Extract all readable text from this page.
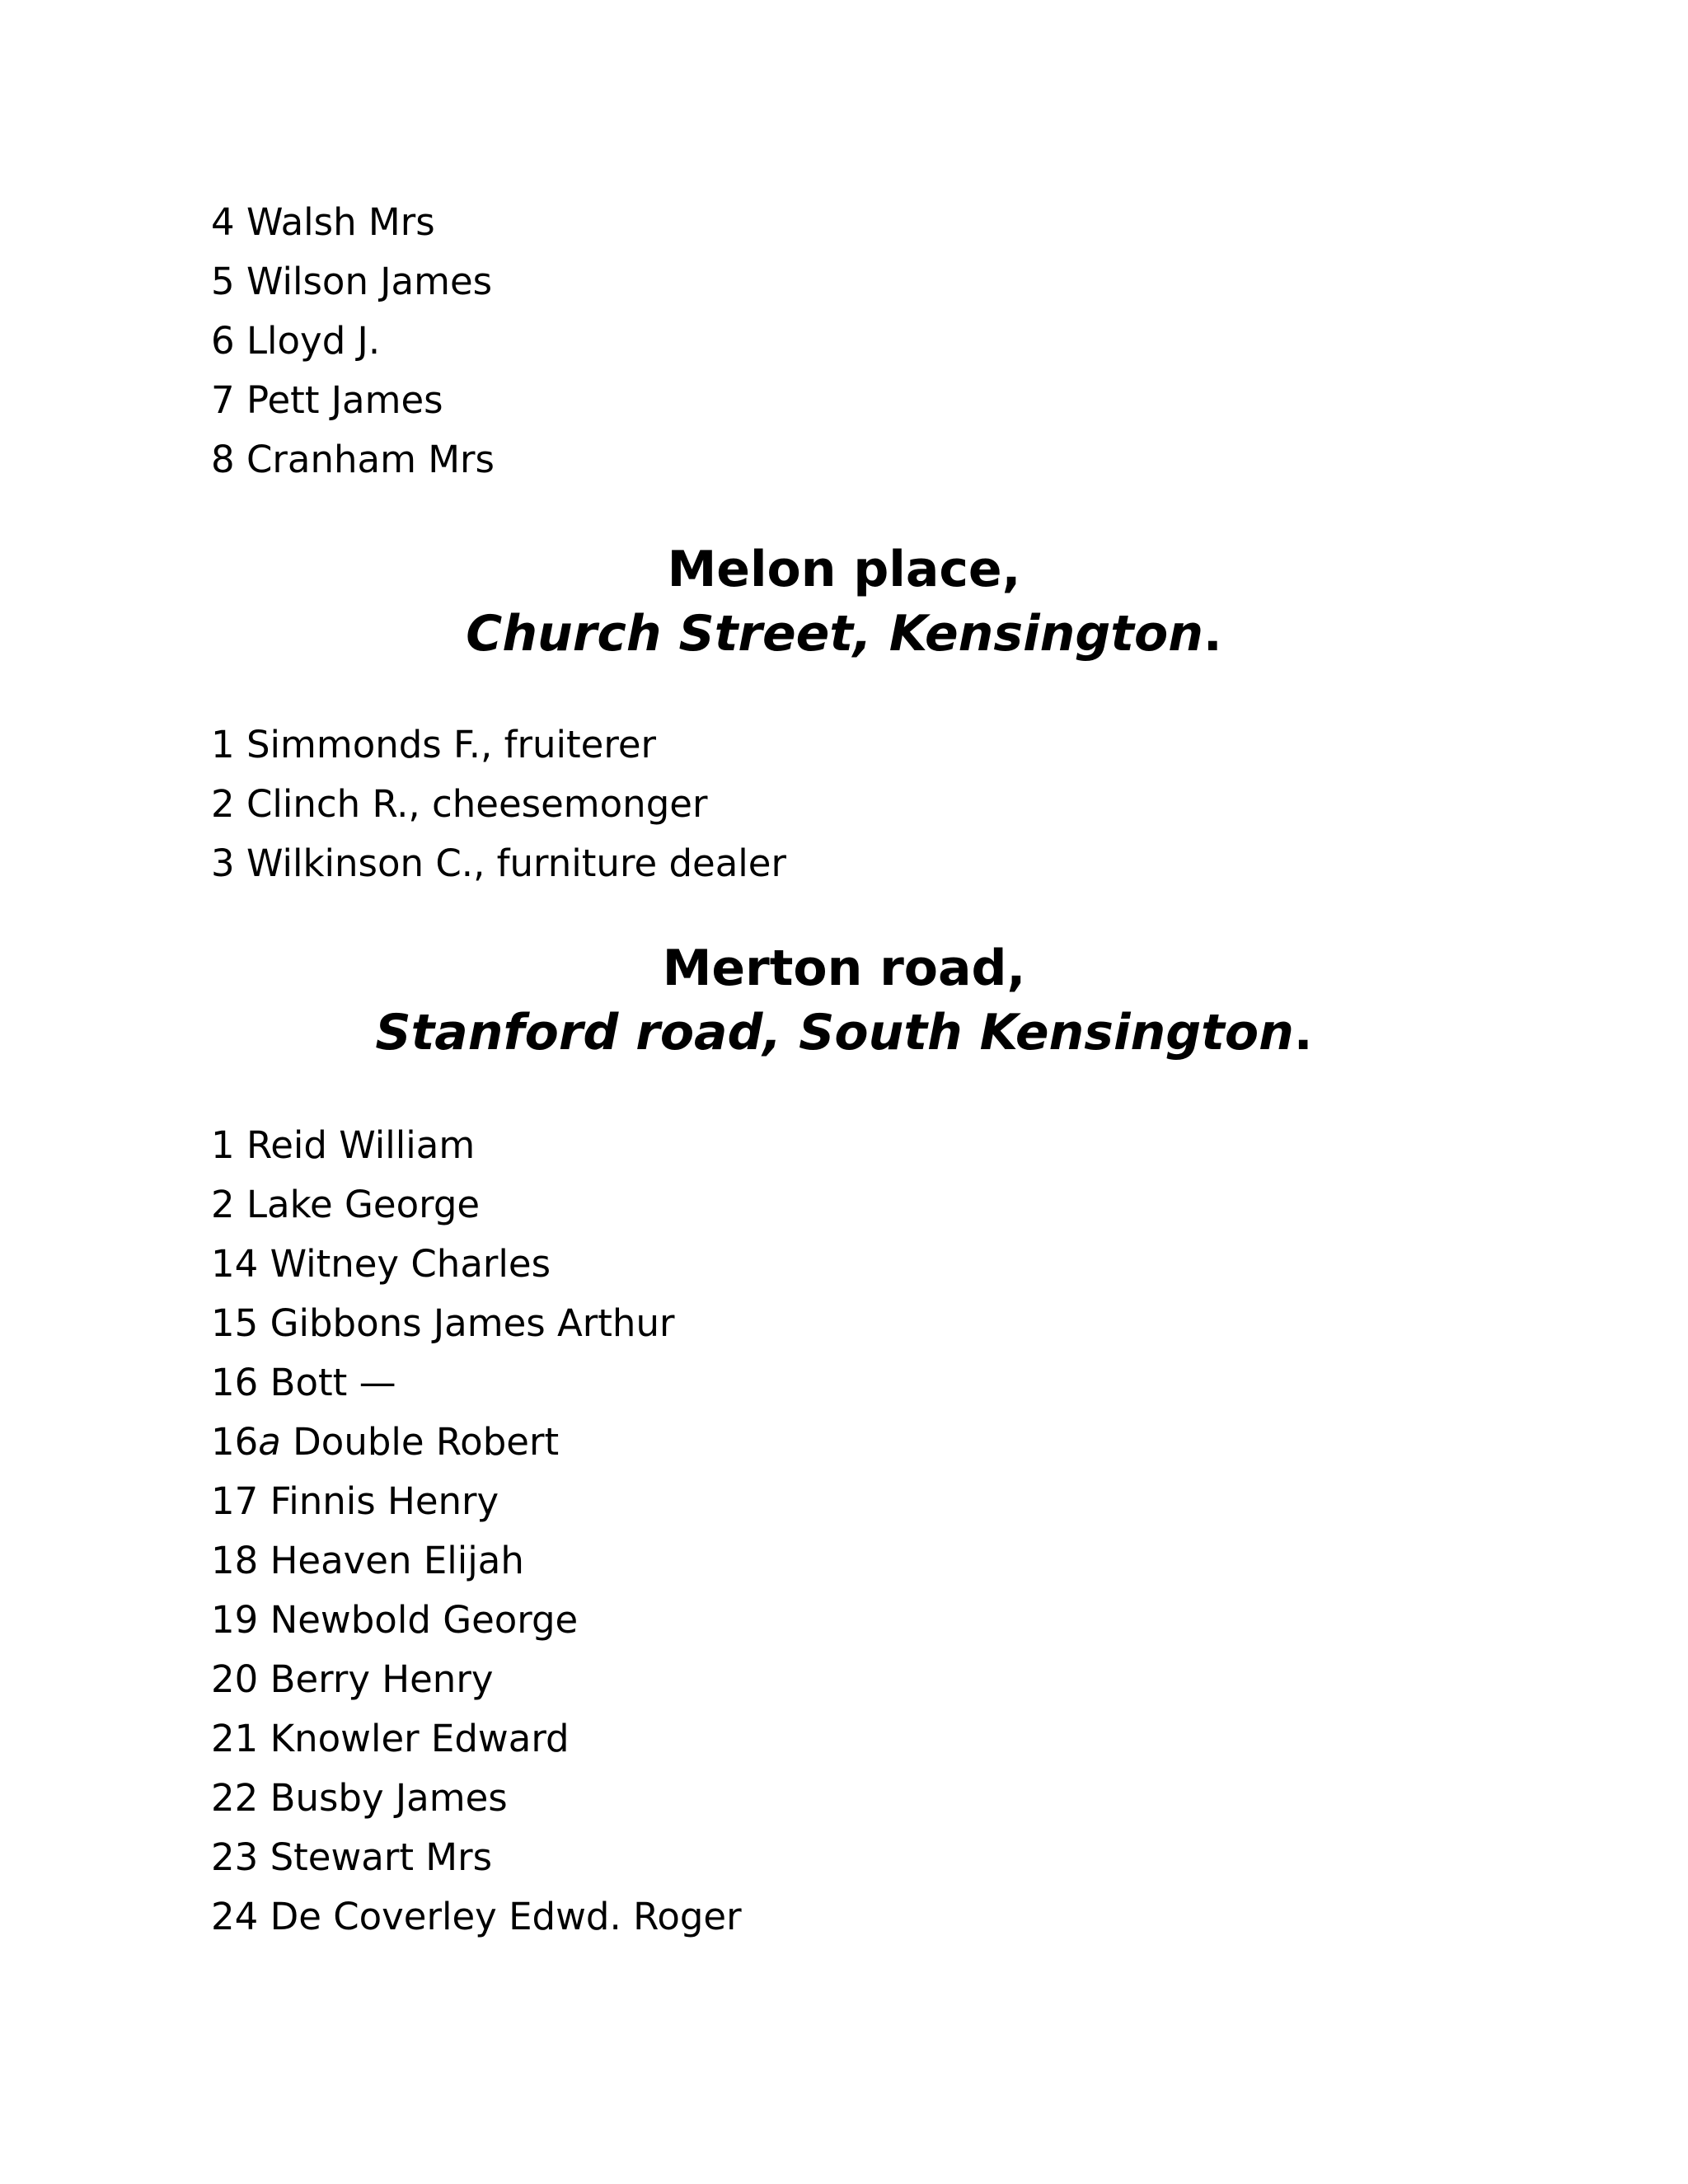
4 Walsh Mrs
5 Wilson James
6 Lloyd J.
7 Pett James
8 Cranham Mrs
Melon place,
Church Street, Kensington.
1 Simmonds F., fruiterer
2 Clinch R., cheesemonger
3 Wilkinson C., furniture dealer
Merton road,
Stanford road, South Kensington.
1 Reid William
2 Lake George
14 Witney Charles
15 Gibbons James Arthur
16 Bott —
16a Double Robert
17 Finnis Henry
18 Heaven Elijah
19 Newbold George
20 Berry Henry
21 Knowler Edward
22 Busby James
23 Stewart Mrs
24 De Coverley Edwd. Roger
